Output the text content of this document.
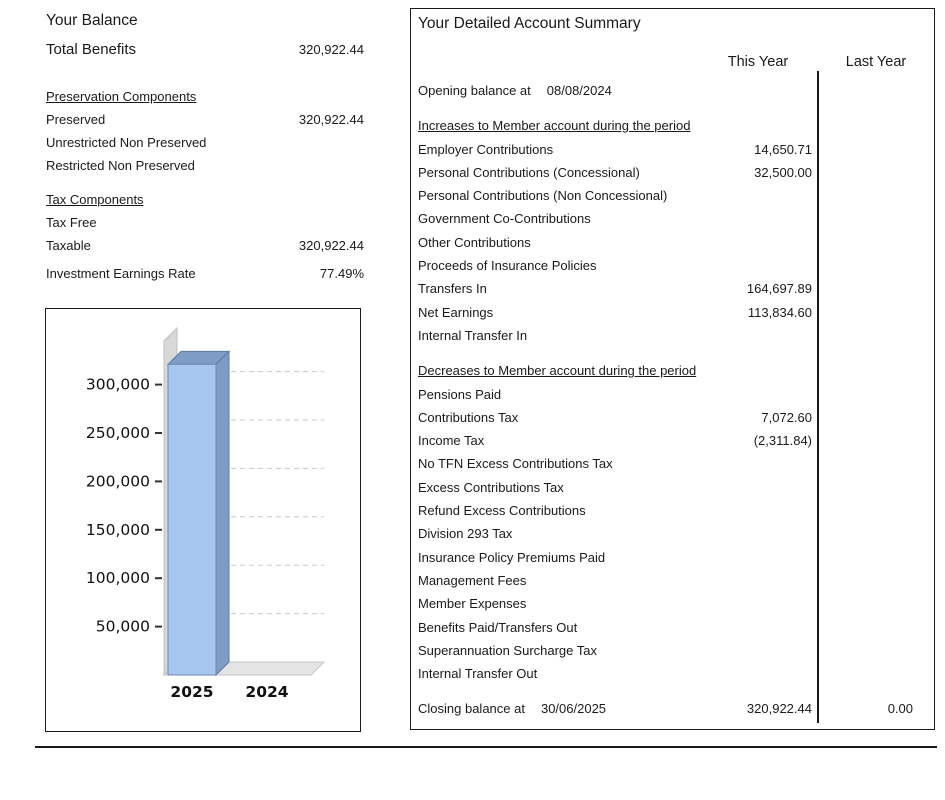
Your Balance
Total Benefits	320,922.44
Preservation Components
Preserved	320,922.44
Unrestricted Non Preserved
Restricted Non Preserved
Tax Components
Tax Free
Taxable	320,922.44
Investment Earnings Rate	77.49%
50,000
100,000
150,000
200,000
250,000
300,000
2025 2024
Your Detailed Account Summary
This Year	Last Year
Opening balance at 08/08/2024
Increases to Member account during the period
Employer Contributions	14,650.71
Personal Contributions (Concessional)	32,500.00
Personal Contributions (Non Concessional)
Government Co-Contributions
Other Contributions
Proceeds of Insurance Policies
Transfers In	164,697.89
Net Earnings	113,834.60
Internal Transfer In
Decreases to Member account during the period
Pensions Paid
Contributions Tax	7,072.60
Income Tax	(2,311.84)
No TFN Excess Contributions Tax
Excess Contributions Tax
Refund Excess Contributions
Division 293 Tax
Insurance Policy Premiums Paid
Management Fees
Member Expenses
Benefits Paid/Transfers Out
Superannuation Surcharge Tax
Internal Transfer Out
Closing balance at 30/06/2025	320,922.44	0.00
